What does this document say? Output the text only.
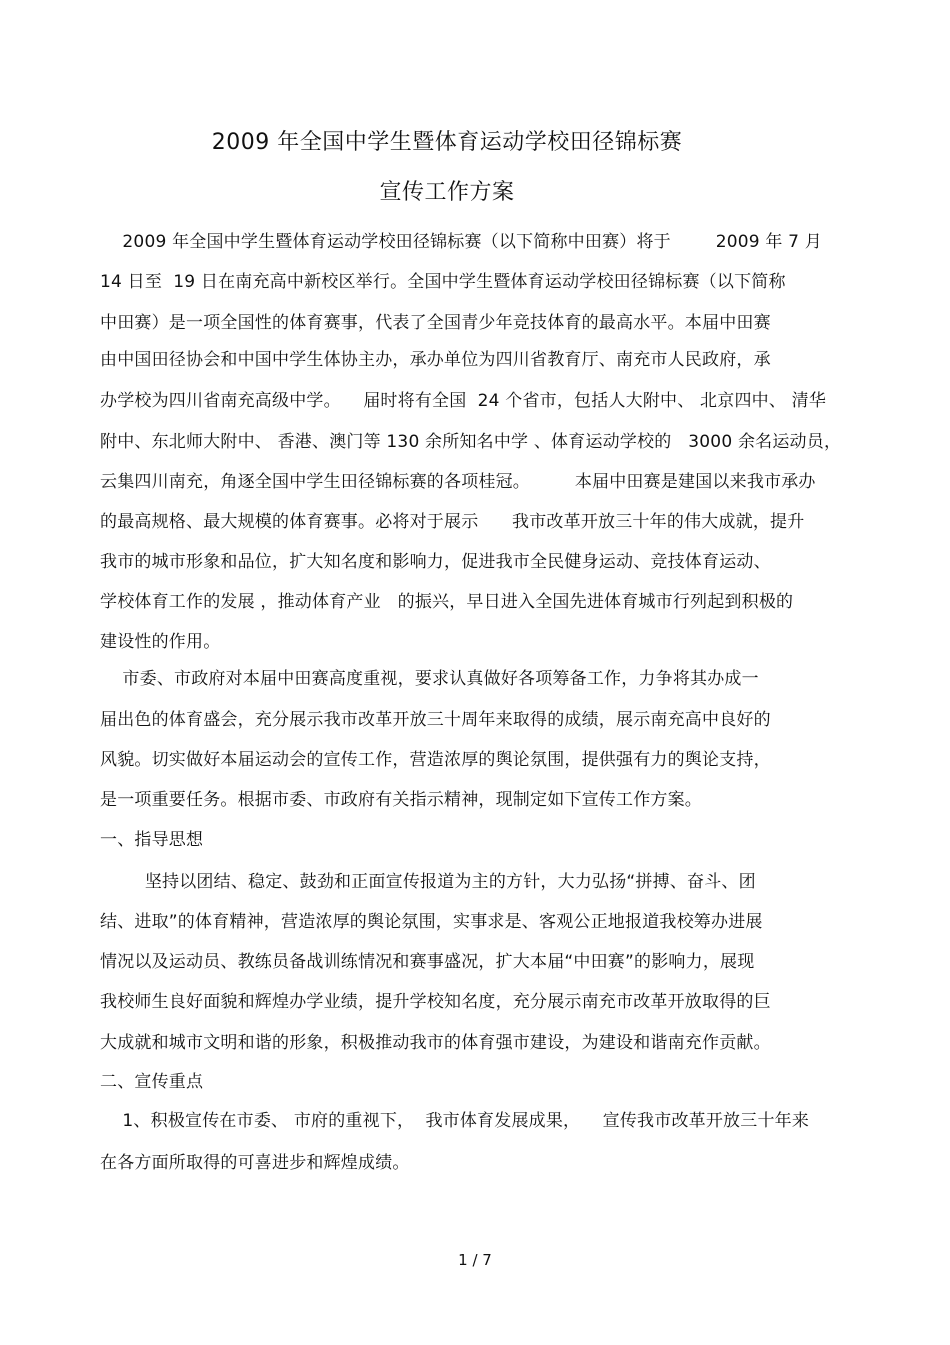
2009 年全国中学生暨体育运动学校田径锦标赛
宣传工作方案
2009 年全国中学生暨体育运动学校田径锦标赛（以下简称中田赛）将于        2009 年 7 月
14 日至  19 日在南充高中新校区举行。全国中学生暨体育运动学校田径锦标赛（以下简称
中田赛）是一项全国性的体育赛事，代表了全国青少年竞技体育的最高水平。本届中田赛
由中国田径协会和中国中学生体协主办，承办单位为四川省教育厅、南充市人民政府，承
办学校为四川省南充高级中学。    届时将有全国  24 个省市，包括人大附中、 北京四中、 清华
附中、东北师大附中、 香港、澳门等 130 余所知名中学 、体育运动学校的   3000 余名运动员，
云集四川南充，角逐全国中学生田径锦标赛的各项桂冠。        本届中田赛是建国以来我市承办
的最高规格、最大规模的体育赛事。必将对于展示      我市改革开放三十年的伟大成就，提升
我市的城市形象和品位，扩大知名度和影响力，促进我市全民健身运动、竞技体育运动、
学校体育工作的发展 ，推动体育产业   的振兴，早日进入全国先进体育城市行列起到积极的
建设性的作用。
市委、市政府对本届中田赛高度重视，要求认真做好各项筹备工作，力争将其办成一
届出色的体育盛会，充分展示我市改革开放三十周年来取得的成绩，展示南充高中良好的
风貌。切实做好本届运动会的宣传工作，营造浓厚的舆论氛围，提供强有力的舆论支持，
是一项重要任务。根据市委、市政府有关指示精神，现制定如下宣传工作方案。
一、指导思想
坚持以团结、稳定、鼓劲和正面宣传报道为主的方针，大力弘扬“拼搏、奋斗、团
结、进取”的体育精神，营造浓厚的舆论氛围，实事求是、客观公正地报道我校筹办进展
情况以及运动员、教练员备战训练情况和赛事盛况，扩大本届“中田赛”的影响力，展现
我校师生良好面貌和辉煌办学业绩，提升学校知名度，充分展示南充市改革开放取得的巨
大成就和城市文明和谐的形象，积极推动我市的体育强市建设，为建设和谐南充作贡献。
二、宣传重点
1、积极宣传在市委、 市府的重视下，  我市体育发展成果，    宣传我市改革开放三十年来
在各方面所取得的可喜进步和辉煌成绩。
1 / 7
